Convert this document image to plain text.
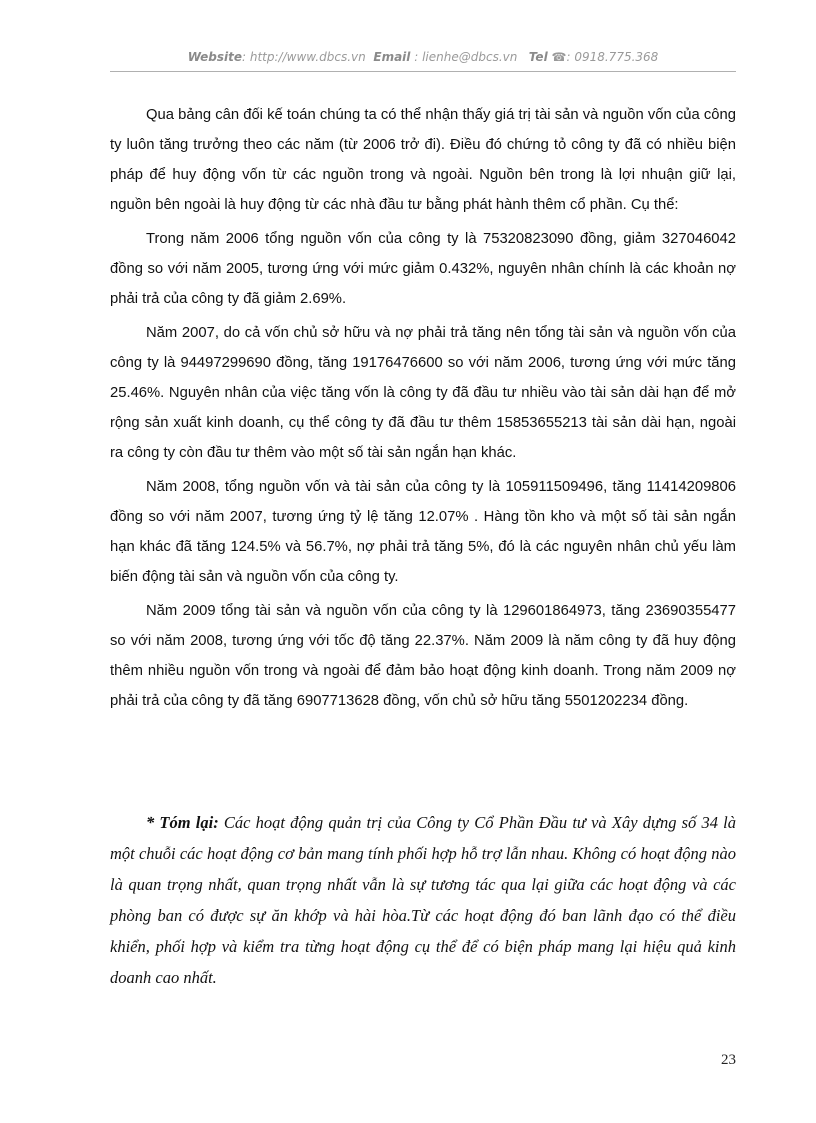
Website: http://www.dbcs.vn Email : lienhe@dbcs.vn Tel ☎: 0918.775.368

Qua bảng cân đối kế toán chúng ta có thể nhận thấy giá trị tài sản và nguồn vốn của công ty luôn tăng trưởng theo các năm (từ 2006 trở đi). Điều đó chứng tỏ công ty đã có nhiều biện pháp để huy động vốn từ các nguồn trong và ngoài. Nguồn bên trong là lợi nhuận giữ lại, nguồn bên ngoài là huy động từ các nhà đầu tư bằng phát hành thêm cổ phần. Cụ thể:

Trong năm 2006 tổng nguồn vốn của công ty là 75320823090 đồng, giảm 327046042 đồng so với năm 2005, tương ứng với mức giảm 0.432%, nguyên nhân chính là các khoản nợ phải trả của công ty đã giảm 2.69%.

Năm 2007, do cả vốn chủ sở hữu và nợ phải trả tăng nên tổng tài sản và nguồn vốn của công ty là 94497299690 đồng, tăng 19176476600 so với năm 2006, tương ứng với mức tăng 25.46%. Nguyên nhân của việc tăng vốn là công ty đã đầu tư nhiều vào tài sản dài hạn để mở rộng sản xuất kinh doanh, cụ thể công ty đã đầu tư thêm 15853655213 tài sản dài hạn, ngoài ra công ty còn đầu tư thêm vào một số tài sản ngắn hạn khác.

Năm 2008, tổng nguồn vốn và tài sản của công ty là 105911509496, tăng 11414209806 đồng so với năm 2007, tương ứng tỷ lệ tăng 12.07% . Hàng tồn kho và một số tài sản ngắn hạn khác đã tăng 124.5% và 56.7%, nợ phải trả tăng 5%, đó là các nguyên nhân chủ yếu làm biến động tài sản và nguồn vốn của công ty.

Năm 2009 tổng tài sản và nguồn vốn của công ty là 129601864973, tăng 23690355477 so với năm 2008, tương ứng với tốc độ tăng 22.37%. Năm 2009 là năm công ty đã huy động thêm nhiều nguồn vốn trong và ngoài để đảm bảo hoạt động kinh doanh. Trong năm 2009 nợ phải trả của công ty đã tăng 6907713628 đồng, vốn chủ sở hữu tăng 5501202234 đồng.

* Tóm lại: Các hoạt động quản trị của Công ty Cổ Phần Đầu tư và Xây dựng số 34 là một chuỗi các hoạt động cơ bản mang tính phối hợp hỗ trợ lẫn nhau. Không có hoạt động nào là quan trọng nhất, quan trọng nhất vẫn là sự tương tác qua lại giữa các hoạt động và các phòng ban có được sự ăn khớp và hài hòa.Từ các hoạt động đó ban lãnh đạo có thể điều khiển, phối hợp và kiểm tra từng hoạt động cụ thể để có biện pháp mang lại hiệu quả kinh doanh cao nhất.

23
